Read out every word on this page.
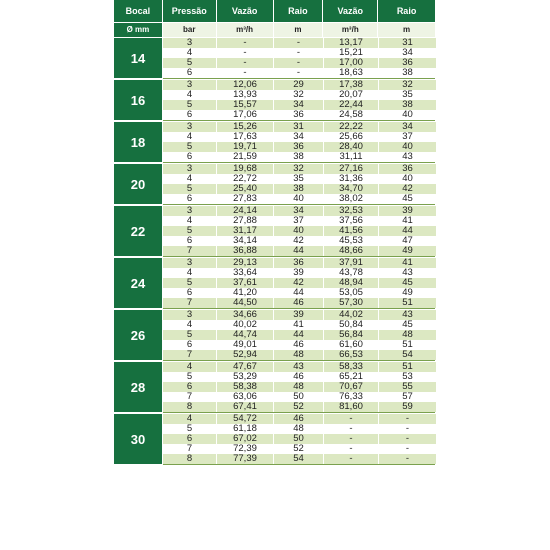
Bocal	Pressão	Vazão	Raio	Vazão	Raio
Ø mm	bar	m³/h	m	m³/h	m
14
3	-	-	13,17	31
4	-	-	15,21	34
5	-	-	17,00	36
6	-	-	18,63	38
16
3	12,06	29	17,38	32
4	13,93	32	20,07	35
5	15,57	34	22,44	38
6	17,06	36	24,58	40
18
3	15,26	31	22,22	34
4	17,63	34	25,66	37
5	19,71	36	28,40	40
6	21,59	38	31,11	43
20
3	19,68	32	27,16	36
4	22,72	35	31,36	40
5	25,40	38	34,70	42
6	27,83	40	38,02	45
22
3	24,14	34	32,53	39
4	27,88	37	37,56	41
5	31,17	40	41,56	44
6	34,14	42	45,53	47
7	36,88	44	48,66	49
24
3	29,13	36	37,91	41
4	33,64	39	43,78	43
5	37,61	42	48,94	45
6	41,20	44	53,05	49
7	44,50	46	57,30	51
26
3	34,66	39	44,02	43
4	40,02	41	50,84	45
5	44,74	44	56,84	48
6	49,01	46	61,60	51
7	52,94	48	66,53	54
28
4	47,67	43	58,33	51
5	53,29	46	65,21	53
6	58,38	48	70,67	55
7	63,06	50	76,33	57
8	67,41	52	81,60	59
30
4	54,72	46	-	-
5	61,18	48	-	-
6	67,02	50	-	-
7	72,39	52	-	-
8	77,39	54	-	-
